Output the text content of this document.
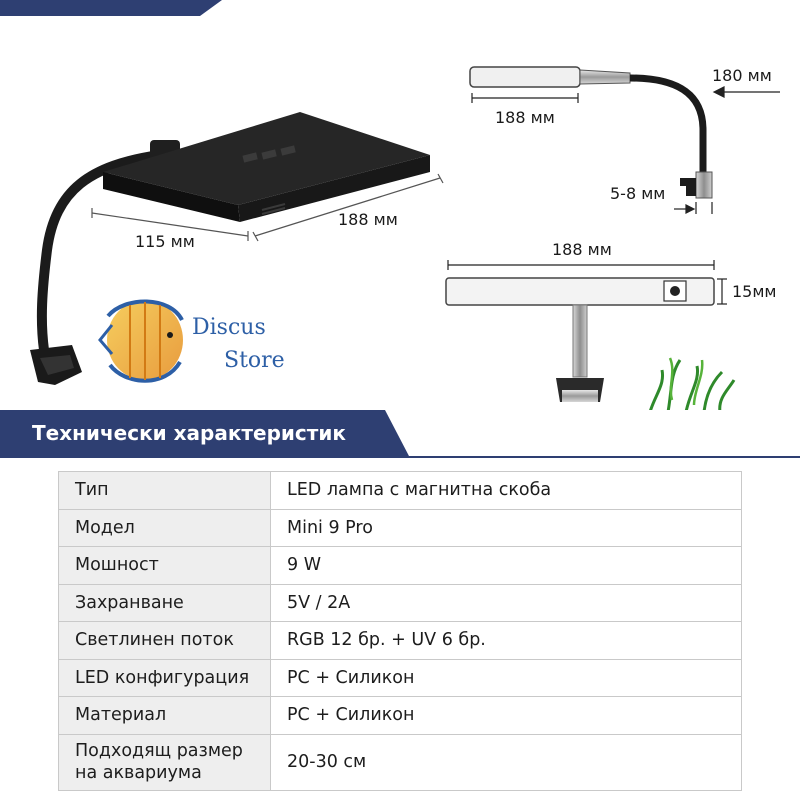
115 мм
188 мм
188 мм
180 мм
5-8 мм
188 мм
15мм
Discus
Store
Технически характеристик
Тип	LED лампа с магнитна скоба
Модел	Mini 9 Pro
Мошност	9 W
Захранване	5V / 2A
Светлинен поток	RGB 12 бр. + UV 6 бр.
LED конфигурация	PC + Силикон
Материал	PC + Силикон
Подходящ размер на аквариума	20-30 см
